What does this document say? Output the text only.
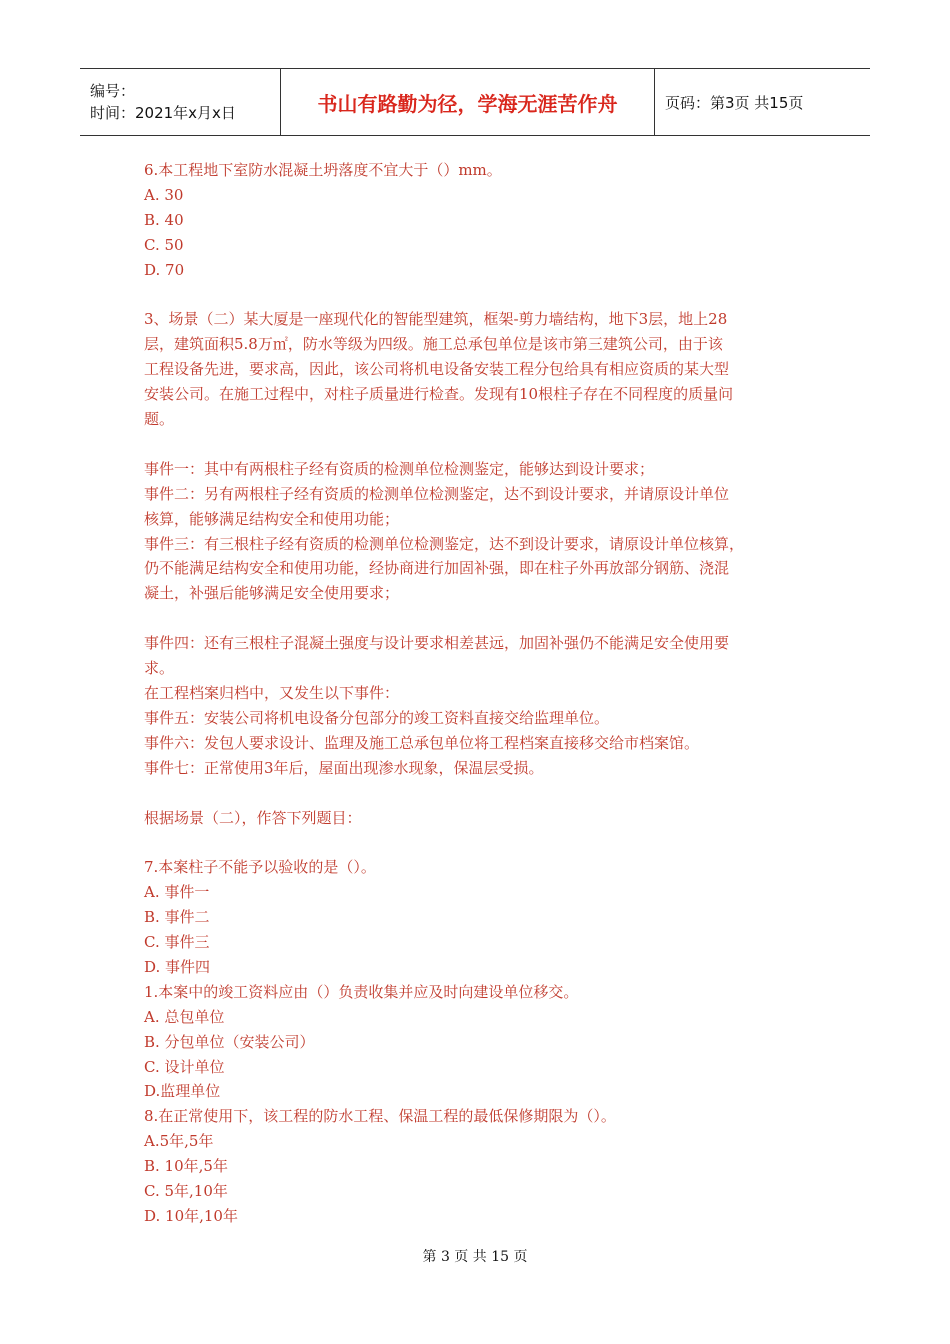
编号：
时间：2021年x月x日	书山有路勤为径，学海无涯苦作舟	页码：第3页 共15页
6.本工程地下室防水混凝土坍落度不宜大于（）mm。
A. 30
B. 40
C. 50
D. 70
3、场景（二）某大厦是一座现代化的智能型建筑，框架-剪力墙结构，地下3层，地上28
层，建筑面积5.8万㎡，防水等级为四级。施工总承包单位是该市第三建筑公司，由于该
工程设备先进，要求高，因此，该公司将机电设备安装工程分包给具有相应资质的某大型
安装公司。在施工过程中，对柱子质量进行检查。发现有10根柱子存在不同程度的质量问
题。
事件一：其中有两根柱子经有资质的检测单位检测鉴定，能够达到设计要求；
事件二：另有两根柱子经有资质的检测单位检测鉴定，达不到设计要求，并请原设计单位
核算，能够满足结构安全和使用功能；
事件三：有三根柱子经有资质的检测单位检测鉴定，达不到设计要求，请原设计单位核算，
仍不能满足结构安全和使用功能，经协商进行加固补强，即在柱子外再放部分钢筋、浇混
凝土，补强后能够满足安全使用要求；
事件四：还有三根柱子混凝土强度与设计要求相差甚远，加固补强仍不能满足安全使用要
求。
在工程档案归档中，又发生以下事件：
事件五：安装公司将机电设备分包部分的竣工资料直接交给监理单位。
事件六：发包人要求设计、监理及施工总承包单位将工程档案直接移交给市档案馆。
事件七：正常使用3年后，屋面出现渗水现象，保温层受损。
根据场景（二），作答下列题目：
7.本案柱子不能予以验收的是（）。
A. 事件一
B. 事件二
C. 事件三
D. 事件四
1.本案中的竣工资料应由（）负责收集并应及时向建设单位移交。
A. 总包单位
B. 分包单位（安装公司）
C. 设计单位
D.监理单位
8.在正常使用下，该工程的防水工程、保温工程的最低保修期限为（）。
A.5年,5年
B. 10年,5年
C. 5年,10年
D. 10年,10年
第 3 页 共 15 页
